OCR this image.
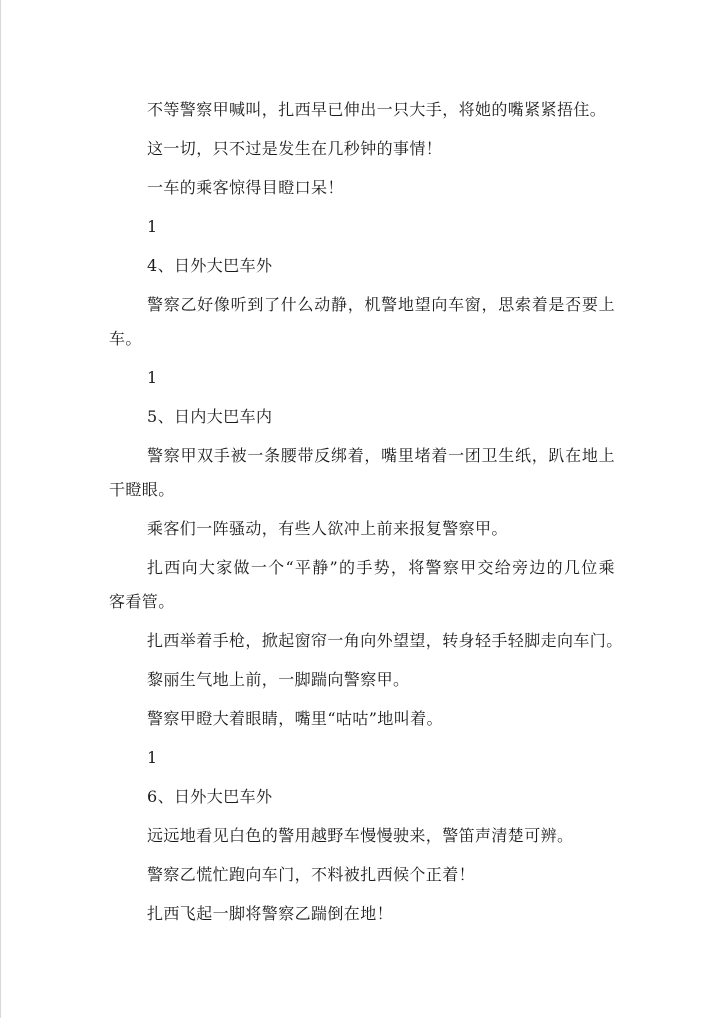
不等警察甲喊叫，扎西早已伸出一只大手，将她的嘴紧紧捂住。

这一切，只不过是发生在几秒钟的事情！

一车的乘客惊得目瞪口呆！

1

4、日外大巴车外

警察乙好像听到了什么动静，机警地望向车窗，思索着是否要上

车。

1

5、日内大巴车内

警察甲双手被一条腰带反绑着，嘴里堵着一团卫生纸，趴在地上

干瞪眼。

乘客们一阵骚动，有些人欲冲上前来报复警察甲。

扎西向大家做一个“平静”的手势，将警察甲交给旁边的几位乘

客看管。

扎西举着手枪，掀起窗帘一角向外望望，转身轻手轻脚走向车门。

黎丽生气地上前，一脚踹向警察甲。

警察甲瞪大着眼睛，嘴里“咕咕”地叫着。

1

6、日外大巴车外

远远地看见白色的警用越野车慢慢驶来，警笛声清楚可辨。

警察乙慌忙跑向车门，不料被扎西候个正着！

扎西飞起一脚将警察乙踹倒在地！
